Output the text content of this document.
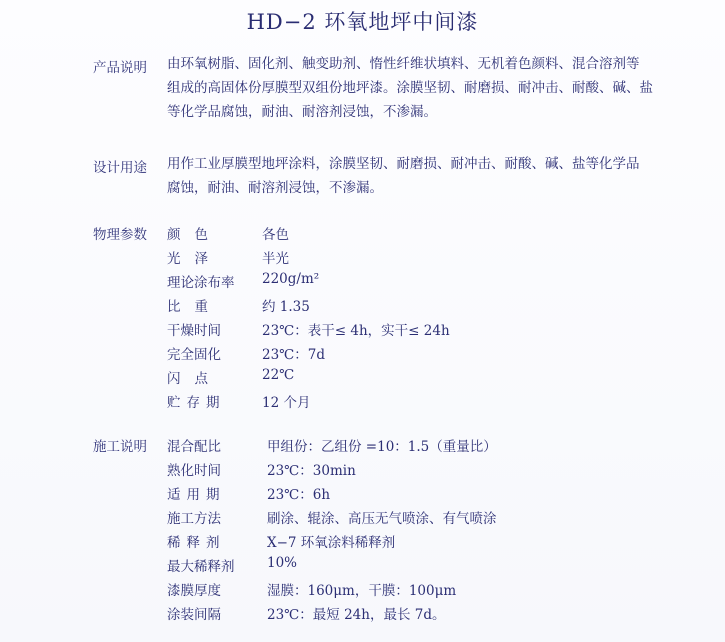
HD−2 环氧地坪中间漆
产品说明 由环氧树脂、固化剂、触变助剂、惰性纤维状填料、无机着色颜料、混合溶剂等
组成的高固体份厚膜型双组份地坪漆。涂膜坚韧、耐磨损、耐冲击、耐酸、碱、盐
等化学品腐蚀，耐油、耐溶剂浸蚀，不渗漏。
设计用途 用作工业厚膜型地坪涂料，涂膜坚韧、耐磨损、耐冲击、耐酸、碱、盐等化学品
腐蚀，耐油、耐溶剂浸蚀，不渗漏。
物理参数 颜色	各色
光泽	半光
理论涂布率 220g/m²
比重	约 1.35
干燥时间	23℃：表干≤ 4h，实干≤ 24h
完全固化	23℃：7d
闪点	22℃
贮存期	12 个月
施工说明 混合配比	甲组份：乙组份 =10：1.5（重量比）
熟化时间	23℃：30min
适用期	23℃：6h
施工方法	刷涂、辊涂、高压无气喷涂、有气喷涂
稀释剂	X−7 环氧涂料稀释剂
最大稀释剂 10%
漆膜厚度	湿膜：160μm，干膜：100μm
涂装间隔	23℃：最短 24h，最长 7d。
